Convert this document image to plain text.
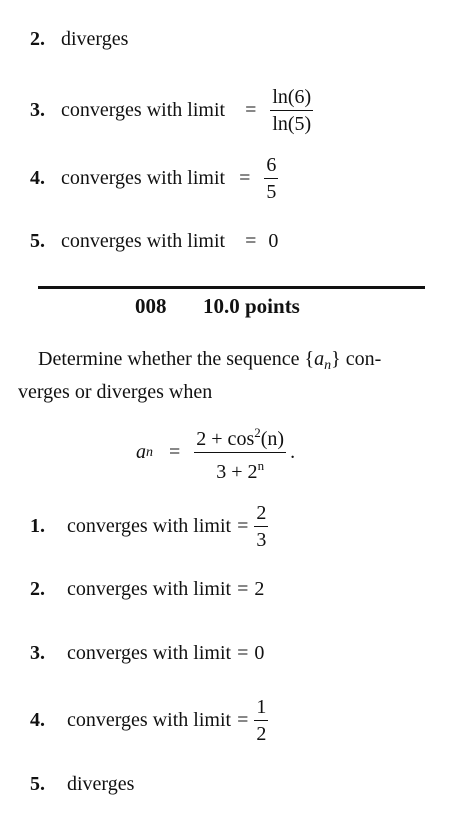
2. diverges
3. converges with limit = $\frac{\ln(6)}{\ln(5)}$
4. converges with limit = $\frac{6}{5}$
5. converges with limit = 0
008 10.0 points
Determine whether the sequence $\{a_n\}$ con-
verges or diverges when
a $n = \frac{2 + \cos^2(n)}{3 + 2^n}$ .
1.	converges with limit = $\frac{2}{3}$
2.	converges with limit = 2
3.	converges with limit = 0
4.	converges with limit = $\frac{1}{2}$
5.	diverges
